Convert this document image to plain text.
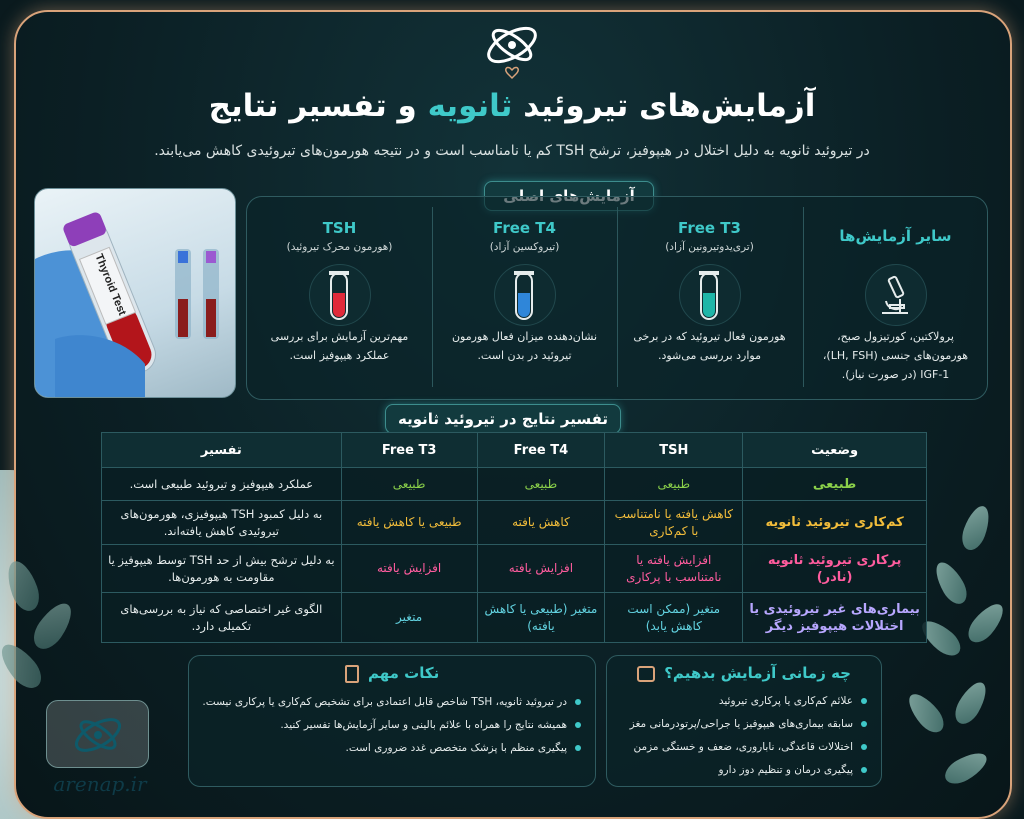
آزمایش‌های تیروئید ثانویه و تفسیر نتایج
در تیروئید ثانویه به دلیل اختلال در هیپوفیز، ترشح TSH کم یا نامناسب است و در نتیجه هورمون‌های تیروئیدی کاهش می‌یابند.
Thyroid Test
TSH
(هورمون محرک تیروئید)
مهم‌ترین آزمایش برای بررسی عملکرد هیپوفیز است.
Free T4
(تیروکسین آزاد)
نشان‌دهنده میزان فعال هورمون تیروئید در بدن است.
Free T3
(تری‌یدوتیرونین آزاد)
هورمون فعال تیروئید که در برخی موارد بررسی می‌شود.
سایر آزمایش‌ها
پرولاکتین، کورتیزول صبح، هورمون‌های جنسی (LH, FSH)، IGF-1 (در صورت نیاز).
تفسیر نتایج در تیروئید ثانویه
وضعیت	TSH	Free T4	Free T3	تفسیر
طبیعی	طبیعی	طبیعی	طبیعی	عملکرد هیپوفیز و تیروئید طبیعی است.
کم‌کاری تیروئید ثانویه	کاهش یافته یا نامتناسب با کم‌کاری	کاهش یافته	طبیعی یا کاهش یافته	به دلیل کمبود TSH هیپوفیزی، هورمون‌های تیروئیدی کاهش یافته‌اند.
پرکاری تیروئید ثانویه (نادر)	افزایش یافته یا نامتناسب با پرکاری	افزایش یافته	افزایش یافته	به دلیل ترشح بیش از حد TSH توسط هیپوفیز یا مقاومت به هورمون‌ها.
بیماری‌های غیر تیروئیدی یا اختلالات هیپوفیز دیگر	متغیر (ممکن است کاهش یابد)	متغیر (طبیعی یا کاهش یافته)	متغیر	الگوی غیر اختصاصی که نیاز به بررسی‌های تکمیلی دارد.
چه زمانی آزمایش بدهیم؟
علائم کم‌کاری یا پرکاری تیروئید
سابقه بیماری‌های هیپوفیز یا جراحی/پرتودرمانی مغز
اختلالات قاعدگی، ناباروری، ضعف و خستگی مزمن
پیگیری درمان و تنظیم دوز دارو
نکات مهم
در تیروئید ثانویه، TSH شاخص قابل اعتمادی برای تشخیص کم‌کاری یا پرکاری نیست.
همیشه نتایج را همراه با علائم بالینی و سایر آزمایش‌ها تفسیر کنید.
پیگیری منظم با پزشک متخصص غدد ضروری است.
arenap.ir
